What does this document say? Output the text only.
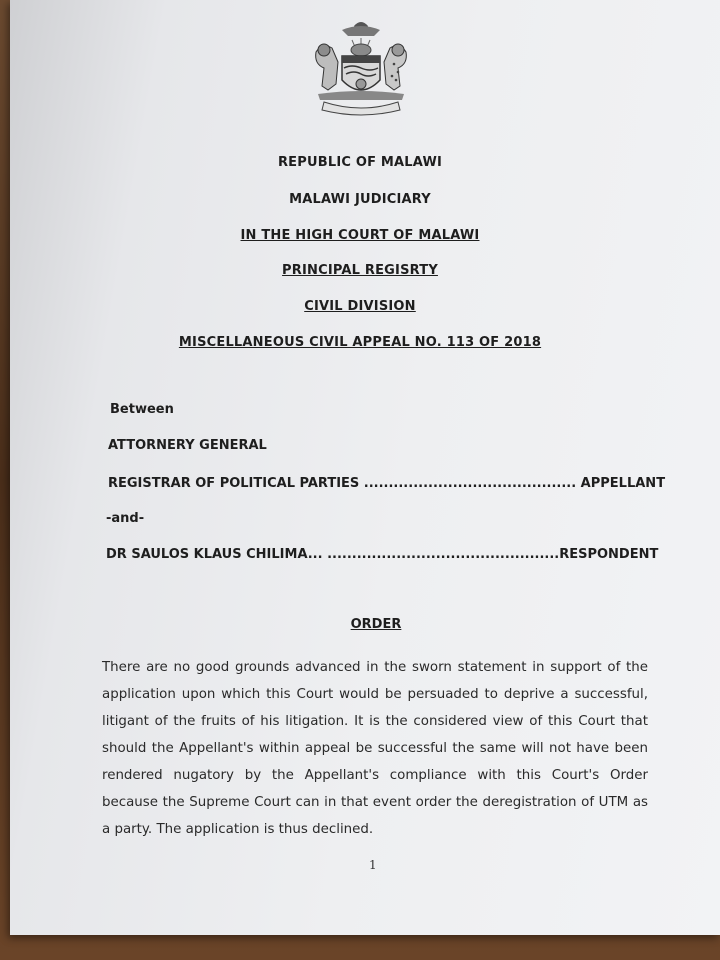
REPUBLIC OF MALAWI
MALAWI JUDICIARY
IN THE HIGH COURT OF MALAWI
PRINCIPAL REGISRTY
CIVIL DIVISION
MISCELLANEOUS CIVIL APPEAL NO. 113 OF 2018
Between
ATTORNERY GENERAL
REGISTRAR OF POLITICAL PARTIES ........................................... APPELLANT
-and-
DR SAULOS KLAUS CHILIMA... ...............................................RESPONDENT
ORDER
There are no good grounds advanced in the sworn statement in support of the application upon which this Court would be persuaded to deprive a successful, litigant of the fruits of his litigation. It is the considered view of this Court that should the Appellant's within appeal be successful the same will not have been rendered nugatory by the Appellant's compliance with this Court's Order because the Supreme Court can in that event order the deregistration of UTM as a party. The application is thus declined.
1
